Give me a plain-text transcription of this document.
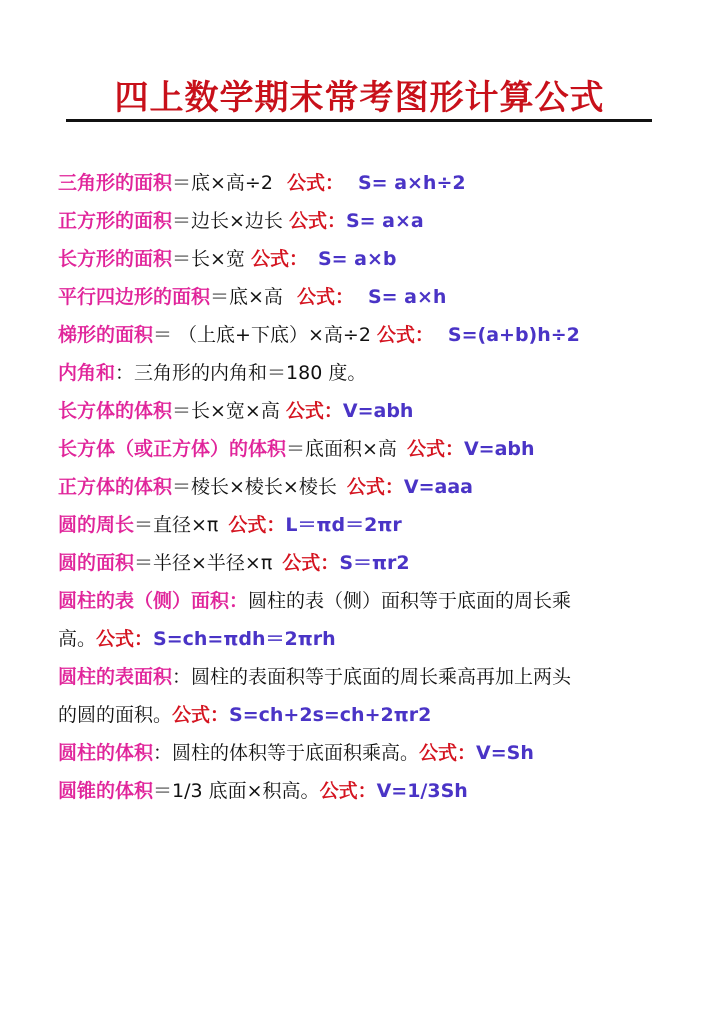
四上数学期末常考图形计算公式
三角形的面积＝底×高÷2 公式： S= a×h÷2
正方形的面积＝边长×边长 公式：S= a×a
长方形的面积＝长×宽 公式： S= a×b
平行四边形的面积＝底×高 公式： S= a×h
梯形的面积＝ （上底+下底）×高÷2 公式： S=(a+b)h÷2
内角和：三角形的内角和＝180 度。
长方体的体积＝长×宽×高 公式：V=abh
长方体（或正方体）的体积＝底面积×高 公式：V=abh
正方体的体积＝棱长×棱长×棱长 公式：V=aaa
圆的周长＝直径×π 公式：L＝πd＝2πr
圆的面积＝半径×半径×π 公式：S＝πr2
圆柱的表（侧）面积：圆柱的表（侧）面积等于底面的周长乘
高。公式：S=ch=πdh＝2πrh
圆柱的表面积：圆柱的表面积等于底面的周长乘高再加上两头
的圆的面积。公式：S=ch+2s=ch+2πr2
圆柱的体积：圆柱的体积等于底面积乘高。公式：V=Sh
圆锥的体积＝1/3 底面×积高。公式：V=1/3Sh
